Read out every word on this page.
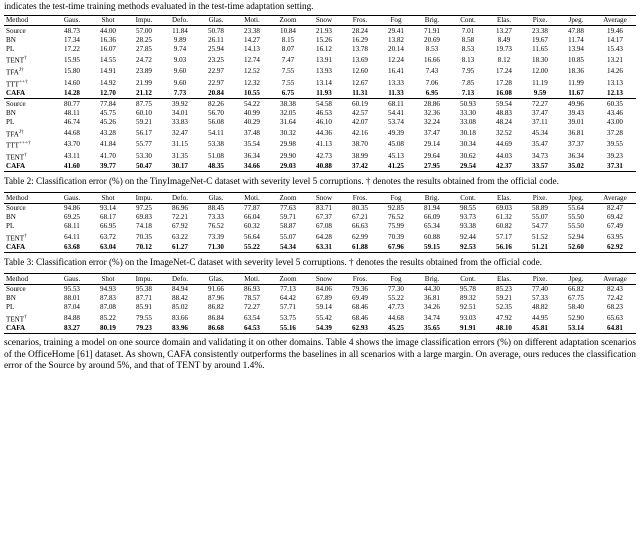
indicates the test-time training methods evaluated in the test-time adaptation setting.
Method	Gaus.	Shot	Impu.	Defo.	Glas.	Moti.	Zoom	Snow	Fros.	Fog	Brig.	Cont.	Elas.	Pixe.	Jpeg.	Average
Source	48.73	44.00	57.00	11.84	50.78	23.38	10.84	21.93	28.24	29.41	71.91	7.01	13.27	23.38	47.88	19.46
BN	17.34	16.36	28.25	9.89	26.11	14.27	8.15	15.26	16.29	13.82	20.69	8.58	8.49	19.67	11.74	14.17
PL	17.22	16.07	27.85	9.74	25.94	14.13	8.07	16.12	13.78	20.14	8.53	8.53	19.73	11.65	13.94	15.43
TENT†	15.95	14.55	24.72	9.03	23.25	12.74	7.47	13.91	13.69	12.24	16.66	8.13	8.12	18.30	10.85	13.21
$TFA^{J\dagger}$	15.80	14.91	23.89	9.60	22.97	12.52	7.55	13.93	12.60	16.41	7.43	7.95	17.24	12.00	18.36	14.26
TTT++†	14.60	14.92	21.99	9.60	22.97	12.32	7.55	13.14	12.67	13.33	7.06	7.85	17.28	11.19	11.99	13.13
CAFA	14.28	12.70	21.12	7.73	20.84	10.55	6.75	11.93	11.31	11.33	6.95	7.13	16.08	9.59	11.67	12.13
Source	80.77	77.84	87.75	39.92	82.26	54.22	38.38	54.58	60.19	68.11	28.86	50.93	59.54	72.27	49.96	60.35
BN	48.11	45.75	60.10	34.01	56.70	40.99	32.05	46.53	42.57	54.41	32.36	33.30	48.83	37.47	39.43	43.46
PL	46.74	45.26	59.21	33.83	56.08	40.29	31.64	46.10	42.07	53.74	32.24	33.08	48.24	37.11	39.01	43.00
$TFA^{J\dagger}$	44.68	43.28	56.17	32.47	54.11	37.48	30.32	44.36	42.16	49.39	37.47	30.18	32.52	45.34	36.81	37.28
TTT+++†	43.70	41.84	55.77	31.15	53.38	35.54	29.98	41.13	38.70	45.08	29.14	30.34	44.69	35.47	37.37	39.55
TENT†	43.11	41.70	53.30	31.35	51.08	36.34	29.90	42.73	38.99	45.13	29.64	30.62	44.03	34.73	36.34	39.23
CAFA	41.60	39.77	50.47	30.17	48.35	34.66	29.03	40.88	37.42	41.25	27.95	29.54	42.37	33.57	35.02	37.31
Table 2: Classification error (%) on the TinyImageNet-C dataset with severity level 5 corruptions. † denotes the results obtained from the official code.
Method	Gaus.	Shot	Impu.	Defo.	Glas.	Moti.	Zoom	Snow	Fros.	Fog	Brig.	Cont.	Elas.	Pixe.	Jpeg.	Average
Source	94.86	93.14	97.25	86.96	88.45	77.87	77.63	83.71	80.35	92.85	81.94	98.55	69.03	58.89	55.64	82.47
BN	69.25	68.17	69.83	72.21	73.33	66.04	59.71	67.37	67.21	76.52	66.09	93.73	61.32	55.07	55.50	69.42
PL	68.11	66.95	74.18	67.92	76.52	60.32	58.87	67.08	66.63	75.99	65.34	93.38	60.82	54.77	55.50	67.49
TENT†	64.11	63.72	70.35	63.22	73.39	56.64	55.07	64.28	62.99	70.39	60.88	92.44	57.17	51.52	52.94	63.95
CAFA	63.68	63.04	70.12	61.27	71.30	55.22	54.34	63.31	61.88	67.96	59.15	92.53	56.16	51.21	52.60	62.92
Table 3: Classification error (%) on the ImageNet-C dataset with severity level 5 corruptions. † denotes the results obtained from the official code.
Method	Gaus.	Shot	Impu.	Defo.	Glas.	Moti.	Zoom	Snow	Fros.	Fog	Brig.	Cont.	Elas.	Pixe.	Jpeg.	Average
Source	95.53	94.93	95.38	84.94	91.66	86.93	77.13	84.06	79.36	77.30	44.30	95.78	85.23	77.40	66.82	82.43
BN	88.01	87.83	87.71	88.42	87.96	78.57	64.42	67.89	69.49	55.22	36.81	89.32	59.21	57.33	67.75	72.42
PL	87.04	87.08	85.91	85.02	86.82	72.27	57.71	59.14	68.46	47.73	34.26	92.51	52.35	48.82	58.40	68.23
TENT†	84.88	85.22	79.55	83.66	86.84	63.54	53.75	55.42	68.46	44.68	34.74	93.03	47.92	44.95	52.90	65.63
CAFA	83.27	80.19	79.23	83.96	86.68	64.53	55.16	54.39	62.93	45.25	35.65	91.91	48.10	45.81	53.14	64.81
scenarios, training a model on one source domain and validating it on other domains. Table 4 shows the image classification errors (%) on different adaptation scenarios of the OfficeHome [61] dataset. As shown, CAFA consistently outperforms the baselines in all scenarios with a large margin. On average, ours reduces the classification error of the Source by around 5%, and that of TENT by around 1.4%.
